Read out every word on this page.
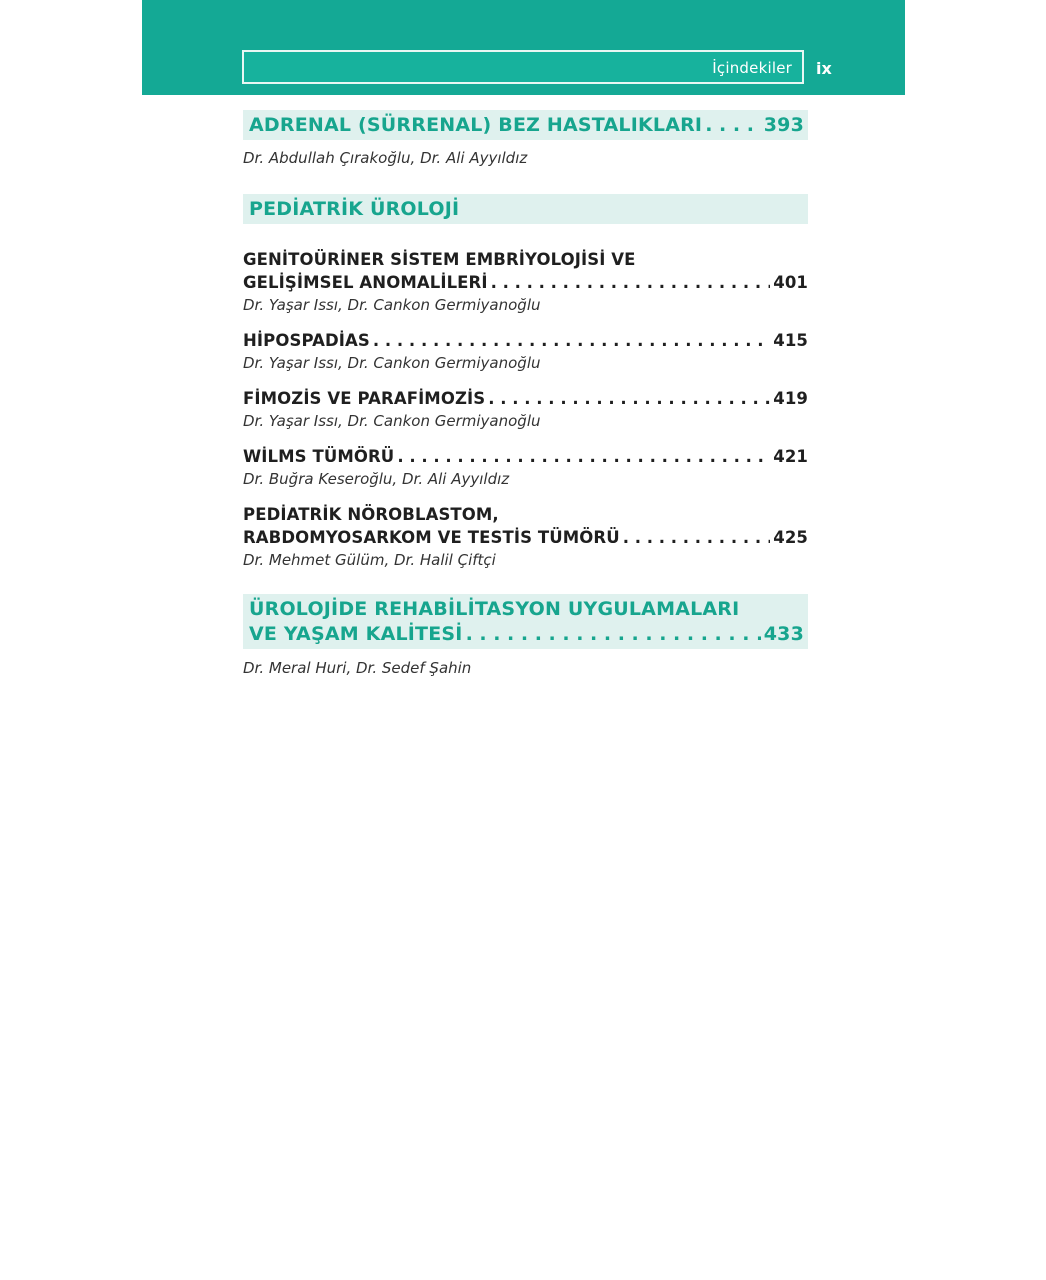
İçindekiler ix
ADRENAL (SÜRRENAL) BEZ HASTALIKLARI . . .	393
Dr. Abdullah Çırakoğlu, Dr. Ali Ayyıldız
PEDİATRİK ÜROLOJİ
GENİTOÜRİNER SİSTEM EMBRİYOLOJİSİ VE
GELİŞİMSEL ANOMALİLERİ . . .	401
Dr. Yaşar Issı, Dr. Cankon Germiyanoğlu
HİPOSPADİAS . . .	415
Dr. Yaşar Issı, Dr. Cankon Germiyanoğlu
FİMOZİS VE PARAFİMOZİS . . .	419
Dr. Yaşar Issı, Dr. Cankon Germiyanoğlu
WİLMS TÜMÖRÜ . . .	421
Dr. Buğra Keseroğlu, Dr. Ali Ayyıldız
PEDİATRİK NÖROBLASTOM,
RABDOMYOSARKOM VE TESTİS TÜMÖRÜ . . .	425
Dr. Mehmet Gülüm, Dr. Halil Çiftçi
ÜROLOJİDE REHABİLİTASYON UYGULAMALARI
VE YAŞAM KALİTESİ . . .	433
Dr. Meral Huri, Dr. Sedef Şahin
